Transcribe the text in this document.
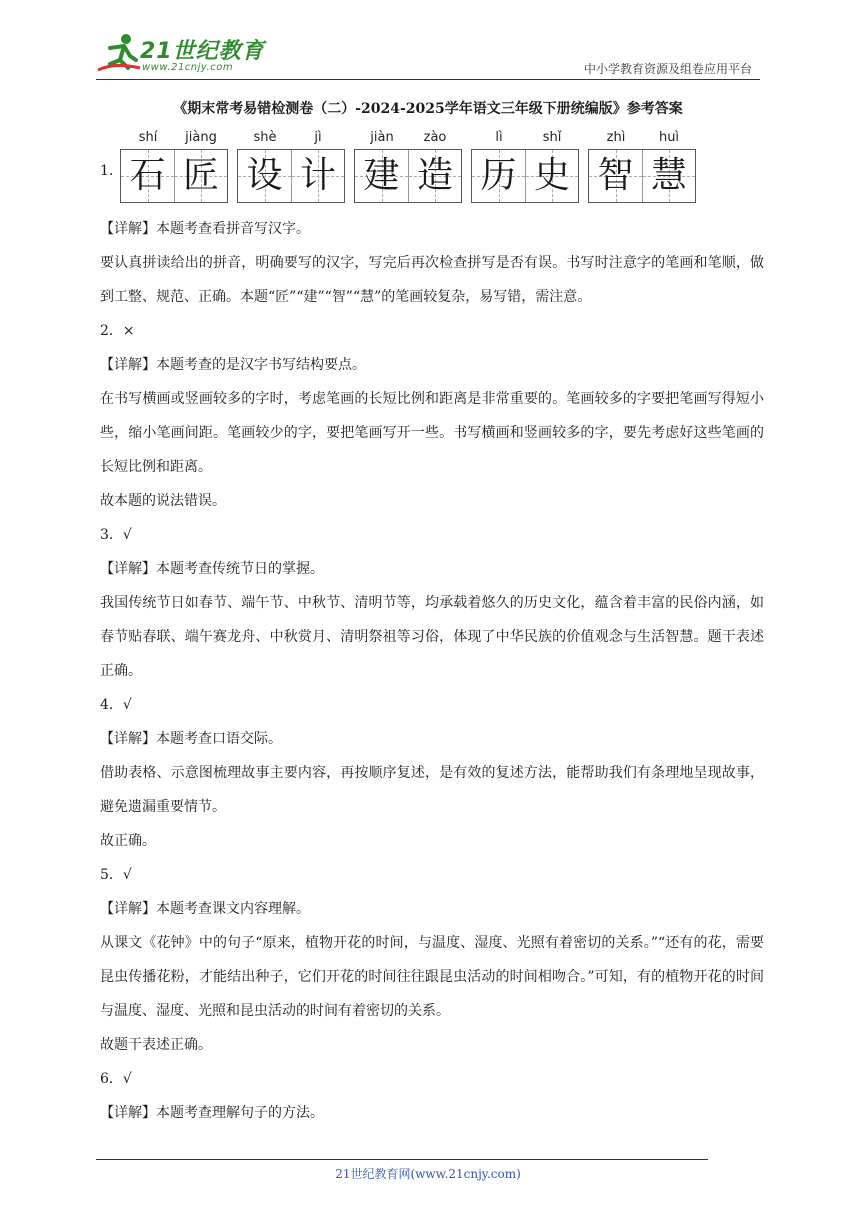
21世纪教育
www.21cnjy.com	中小学教育资源及组卷应用平台
《期末常考易错检测卷（二）-2024-2025学年语文三年级下册统编版》参考答案
1．
shí	jiàng	shè	jì	jiàn	zào	lì	shǐ	zhì	huì
石 匠 设 计 建 造 历 史 智 慧

【详解】本题考查看拼音写汉字。

要认真拼读给出的拼音，明确要写的汉字，写完后再次检查拼写是否有误。书写时注意字的笔画和笔顺，做到工整、规范、正确。本题“匠”“建”“智”“慧”的笔画较复杂，易写错，需注意。

2．×

【详解】本题考查的是汉字书写结构要点。

在书写横画或竖画较多的字时，考虑笔画的长短比例和距离是非常重要的。笔画较多的字要把笔画写得短小些，缩小笔画间距。笔画较少的字，要把笔画写开一些。书写横画和竖画较多的字，要先考虑好这些笔画的长短比例和距离。

故本题的说法错误。

3．√

【详解】本题考查传统节日的掌握。

我国传统节日如春节、端午节、中秋节、清明节等，均承载着悠久的历史文化，蕴含着丰富的民俗内涵，如春节贴春联、端午赛龙舟、中秋赏月、清明祭祖等习俗，体现了中华民族的价值观念与生活智慧。题干表述正确。

4．√

【详解】本题考查口语交际。

借助表格、示意图梳理故事主要内容，再按顺序复述，是有效的复述方法，能帮助我们有条理地呈现故事，避免遗漏重要情节。

故正确。

5．√

【详解】本题考查课文内容理解。

从课文《花钟》中的句子“原来，植物开花的时间，与温度、湿度、光照有着密切的关系。”“还有的花，需要昆虫传播花粉，才能结出种子，它们开花的时间往往跟昆虫活动的时间相吻合。”可知，有的植物开花的时间与温度、湿度、光照和昆虫活动的时间有着密切的关系。

故题干表述正确。

6．√

【详解】本题考查理解句子的方法。

21世纪教育网(www.21cnjy.com)
